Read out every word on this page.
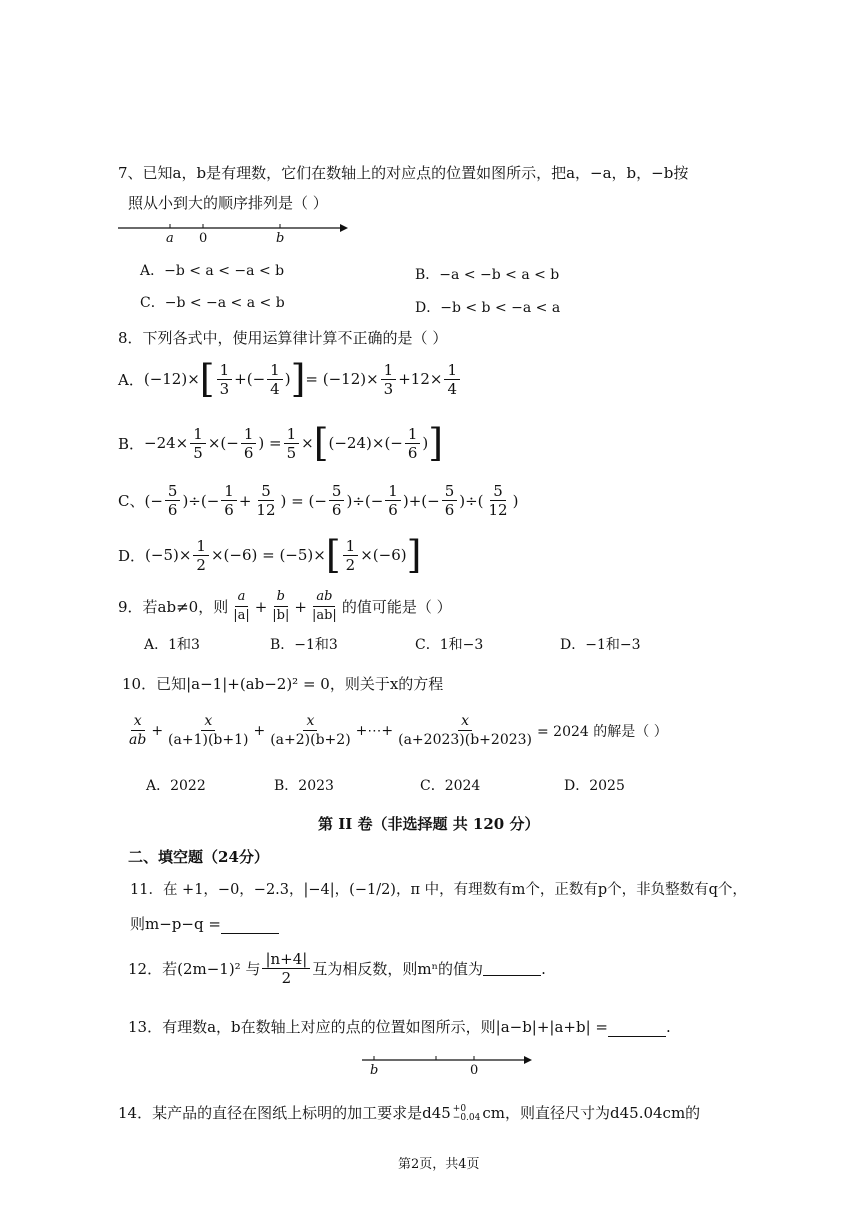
7、已知a，b是有理数，它们在数轴上的对应点的位置如图所示，把a，−a，b，−b按
照从小到大的顺序排列是（ ）
a 0	b
A．−b < a < −a < b	B．−a < −b < a < b
C．−b < −a < a < b	D．−b < b < −a < a
8．下列各式中，使用运算律计算不正确的是（ ）
A． (−12)× [ $\frac{1}{3}$ +(− $\frac{1}{4}$ ) ] = $(-12)\times \frac{1}{3} +12\times \frac{1}{4}$
B． $-24\times \frac{1}{5}$ ×(− $\frac{1}{6}$ ) = $\frac{1}{5}$ × [ $(-24)\times(- \frac{1}{6}$ ) ]
C、 (− $\frac{5}{6}$ )÷(− $\frac{1}{6} + \frac{5}{12}$ ) = (− $\frac{5}{6}$ )÷(− $\frac{1}{6}$ )+(− $\frac{5}{6}$ )÷( $\frac{5}{12}$ )
D． $(-5)\times \frac{1}{2} \times(-6) = (-5)\times$ [ $\frac{1}{2} \times(-6)$ ]
9．若ab≠0，则 $\frac{a}{|a|} + \frac{b}{|b|} + \frac{ab}{|ab|}$ 的值可能是（ ）
A．1和3	B．−1和3	C．1和−3	D．−1和−3
10．已知|a−1|+(ab−2)² = 0，则关于x的方程
$\frac{x}{ab} + \frac{x}{(a+1)(b+1)} + \frac{x}{(a+2)(b+2)}$ +⋯+ $\frac{x}{(a+2023)(b+2023)} = 2024$ 的解是（ ）
A．2022	B．2023	C．2024	D．2025
第 II 卷（非选择题 共 120 分）
二、填空题（24分）
11．在 +1，−0，−2.3，|−4|，(−1/2)，π 中，有理数有m个，正数有p个，非负整数有q个，
则m−p−q =
12．若(2m−1)² 与 $\frac{|n+4|}{2}$ 互为相反数，则mⁿ的值为	.
13．有理数a，b在数轴上对应的点的位置如图所示，则|a−b|+|a+b| =	.
b	0
14．某产品的直径在图纸上标明的加工要求是d45 +0
−0.04 cm，则直径尺寸为d45.04cm的
第2页，共4页
